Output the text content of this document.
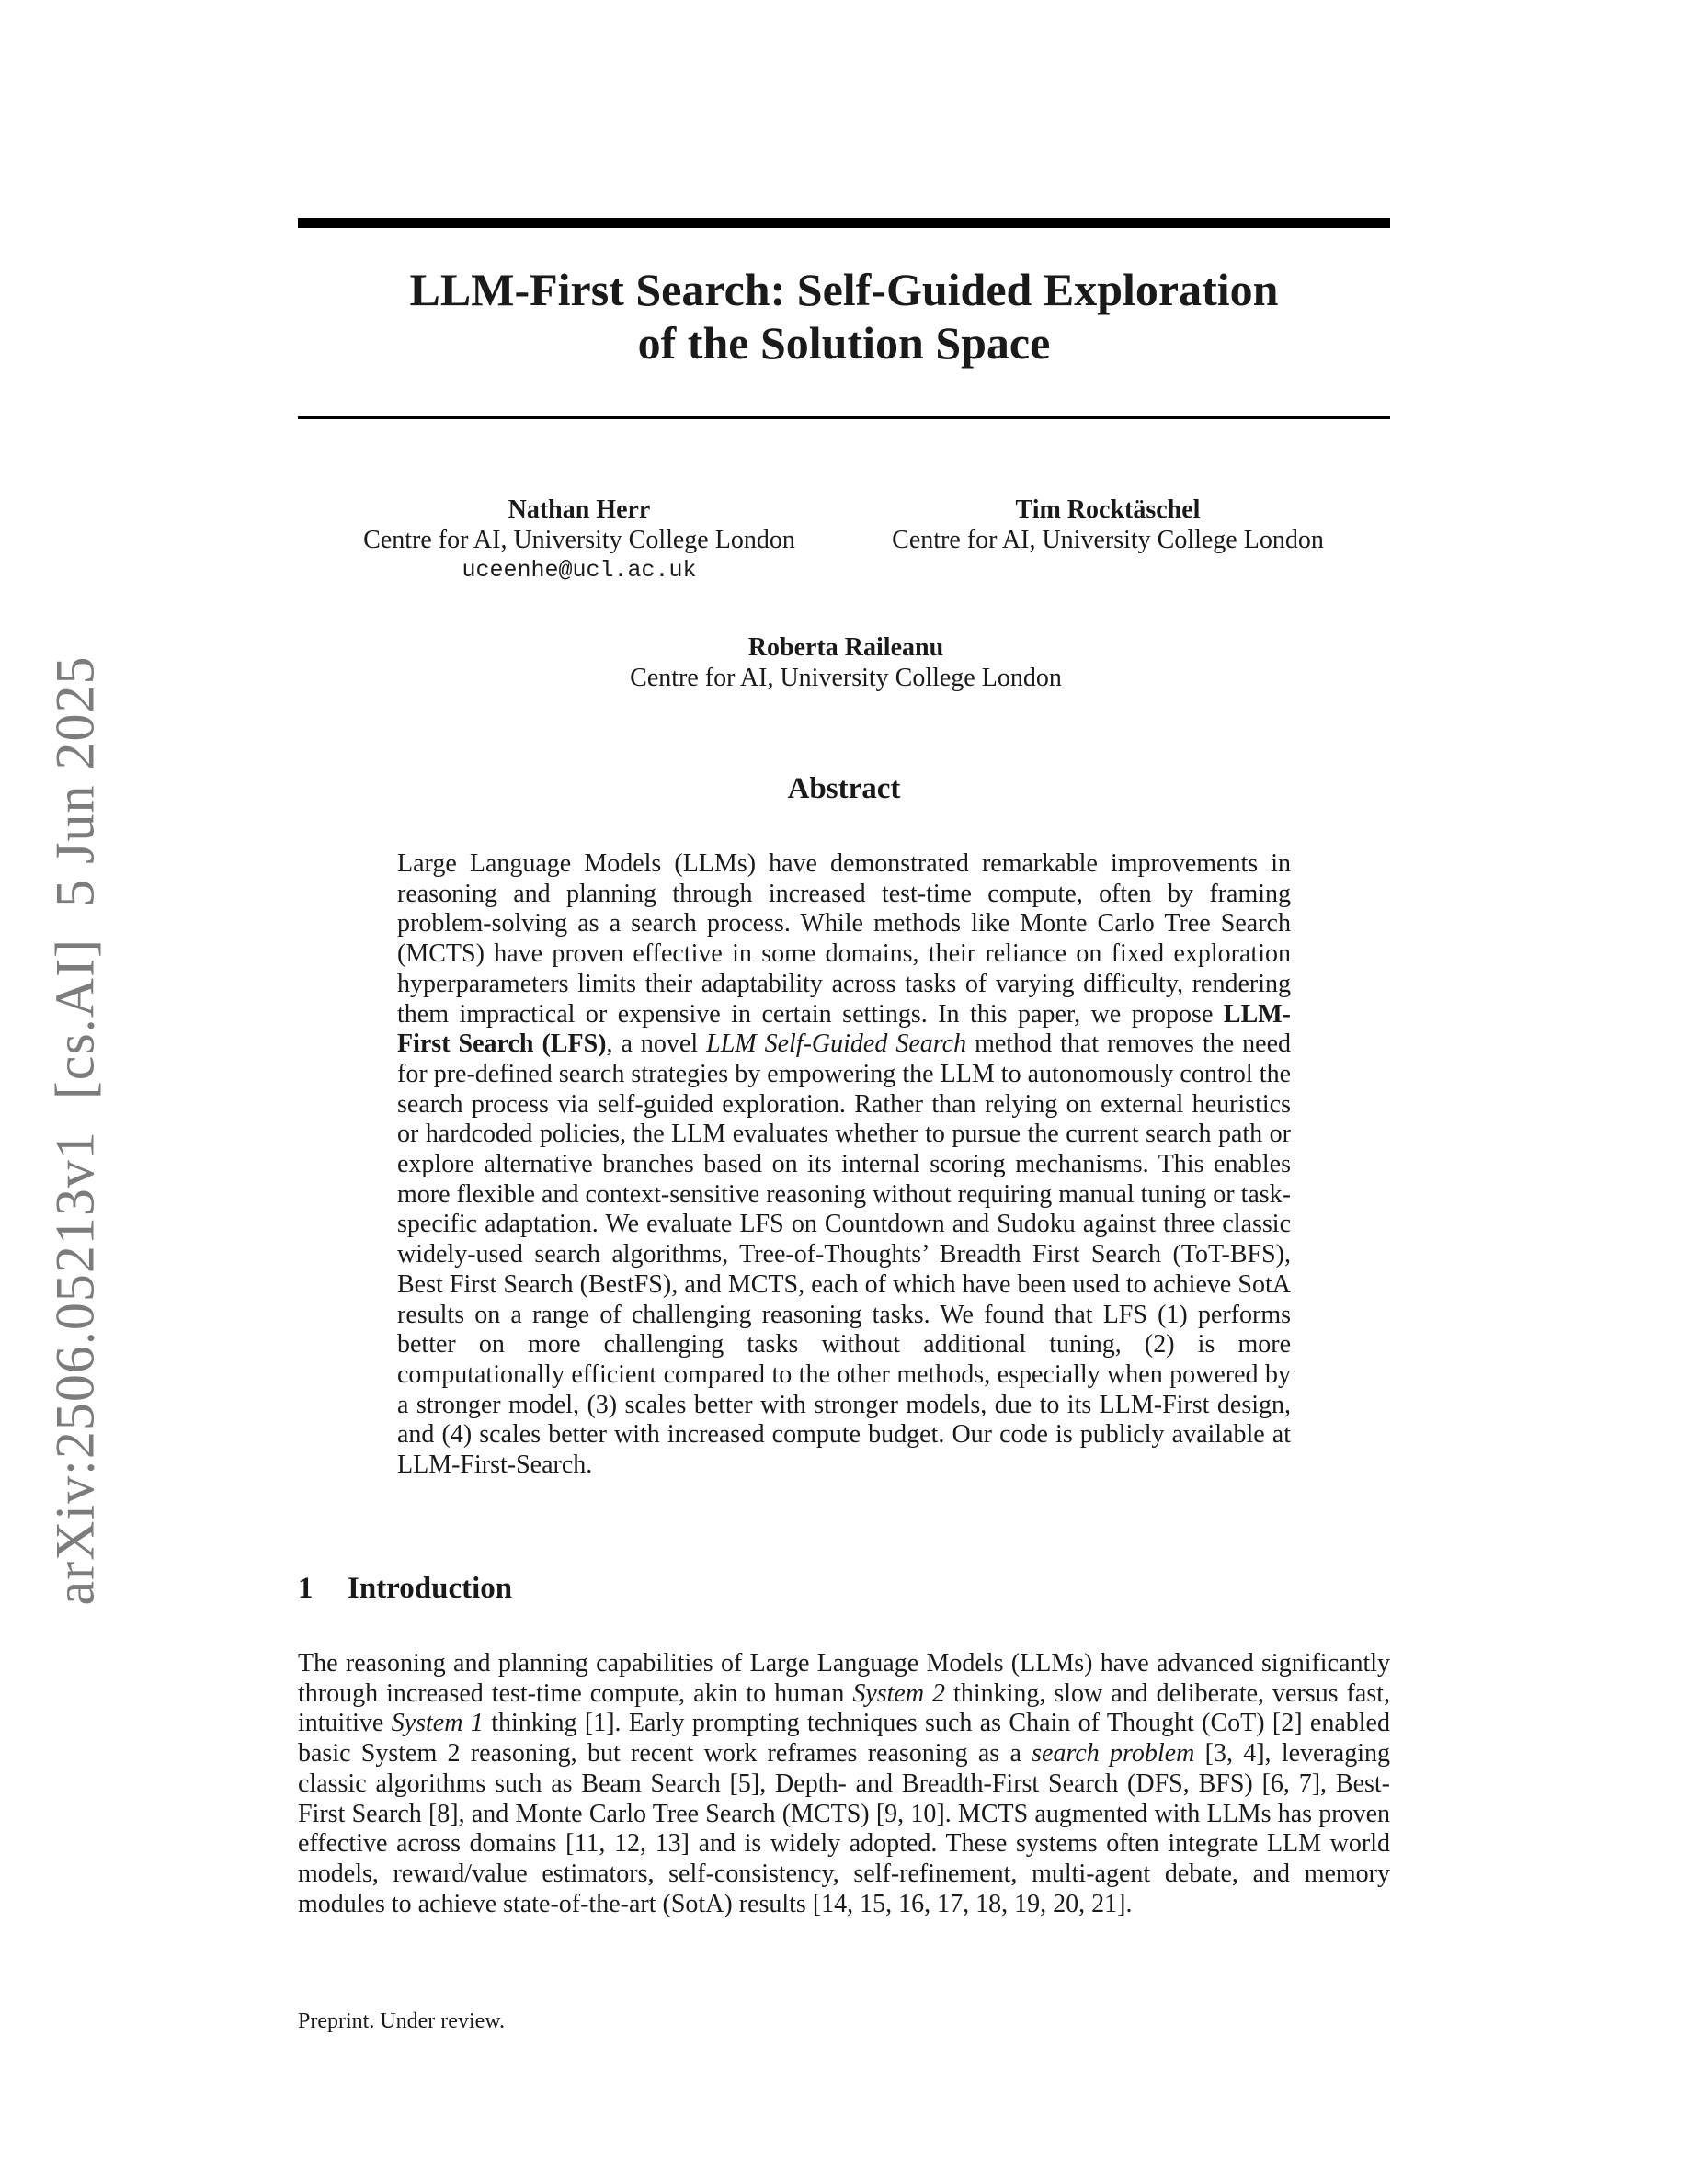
LLM-First Search: Self-Guided Exploration
of the Solution Space
Nathan Herr
Centre for AI, University College London
uceenhe@ucl.ac.uk
Tim Rocktäschel
Centre for AI, University College London
Roberta Raileanu
Centre for AI, University College London
Abstract

Large Language Models (LLMs) have demonstrated remarkable improvements in reasoning and planning through increased test-time compute, often by framing problem-solving as a search process. While methods like Monte Carlo Tree Search (MCTS) have proven effective in some domains, their reliance on fixed exploration hyperparameters limits their adaptability across tasks of varying difficulty, rendering them impractical or expensive in certain settings. In this paper, we propose LLM-First Search (LFS), a novel LLM Self-Guided Search method that removes the need for pre-defined search strategies by empowering the LLM to autonomously control the search process via self-guided exploration. Rather than relying on external heuristics or hardcoded policies, the LLM evaluates whether to pursue the current search path or explore alternative branches based on its internal scoring mechanisms. This enables more flexible and context-sensitive reasoning without requiring manual tuning or task-specific adaptation. We evaluate LFS on Countdown and Sudoku against three classic widely-used search algorithms, Tree-of-Thoughts’ Breadth First Search (ToT-BFS), Best First Search (BestFS), and MCTS, each of which have been used to achieve SotA results on a range of challenging reasoning tasks. We found that LFS (1) performs better on more challenging tasks without additional tuning, (2) is more computationally efficient compared to the other methods, especially when powered by a stronger model, (3) scales better with stronger models, due to its LLM-First design, and (4) scales better with increased compute budget. Our code is publicly available at LLM-First-Search.

1 Introduction

The reasoning and planning capabilities of Large Language Models (LLMs) have advanced significantly through increased test-time compute, akin to human System 2 thinking, slow and deliberate, versus fast, intuitive System 1 thinking [1]. Early prompting techniques such as Chain of Thought (CoT) [2] enabled basic System 2 reasoning, but recent work reframes reasoning as a search problem [3, 4], leveraging classic algorithms such as Beam Search [5], Depth- and Breadth-First Search (DFS, BFS) [6, 7], Best-First Search [8], and Monte Carlo Tree Search (MCTS) [9, 10]. MCTS augmented with LLMs has proven effective across domains [11, 12, 13] and is widely adopted. These systems often integrate LLM world models, reward/value estimators, self-consistency, self-refinement, multi-agent debate, and memory modules to achieve state-of-the-art (SotA) results [14, 15, 16, 17, 18, 19, 20, 21].

Preprint. Under review.
arXiv:2506.05213v1[cs.AI]5 Jun 2025
